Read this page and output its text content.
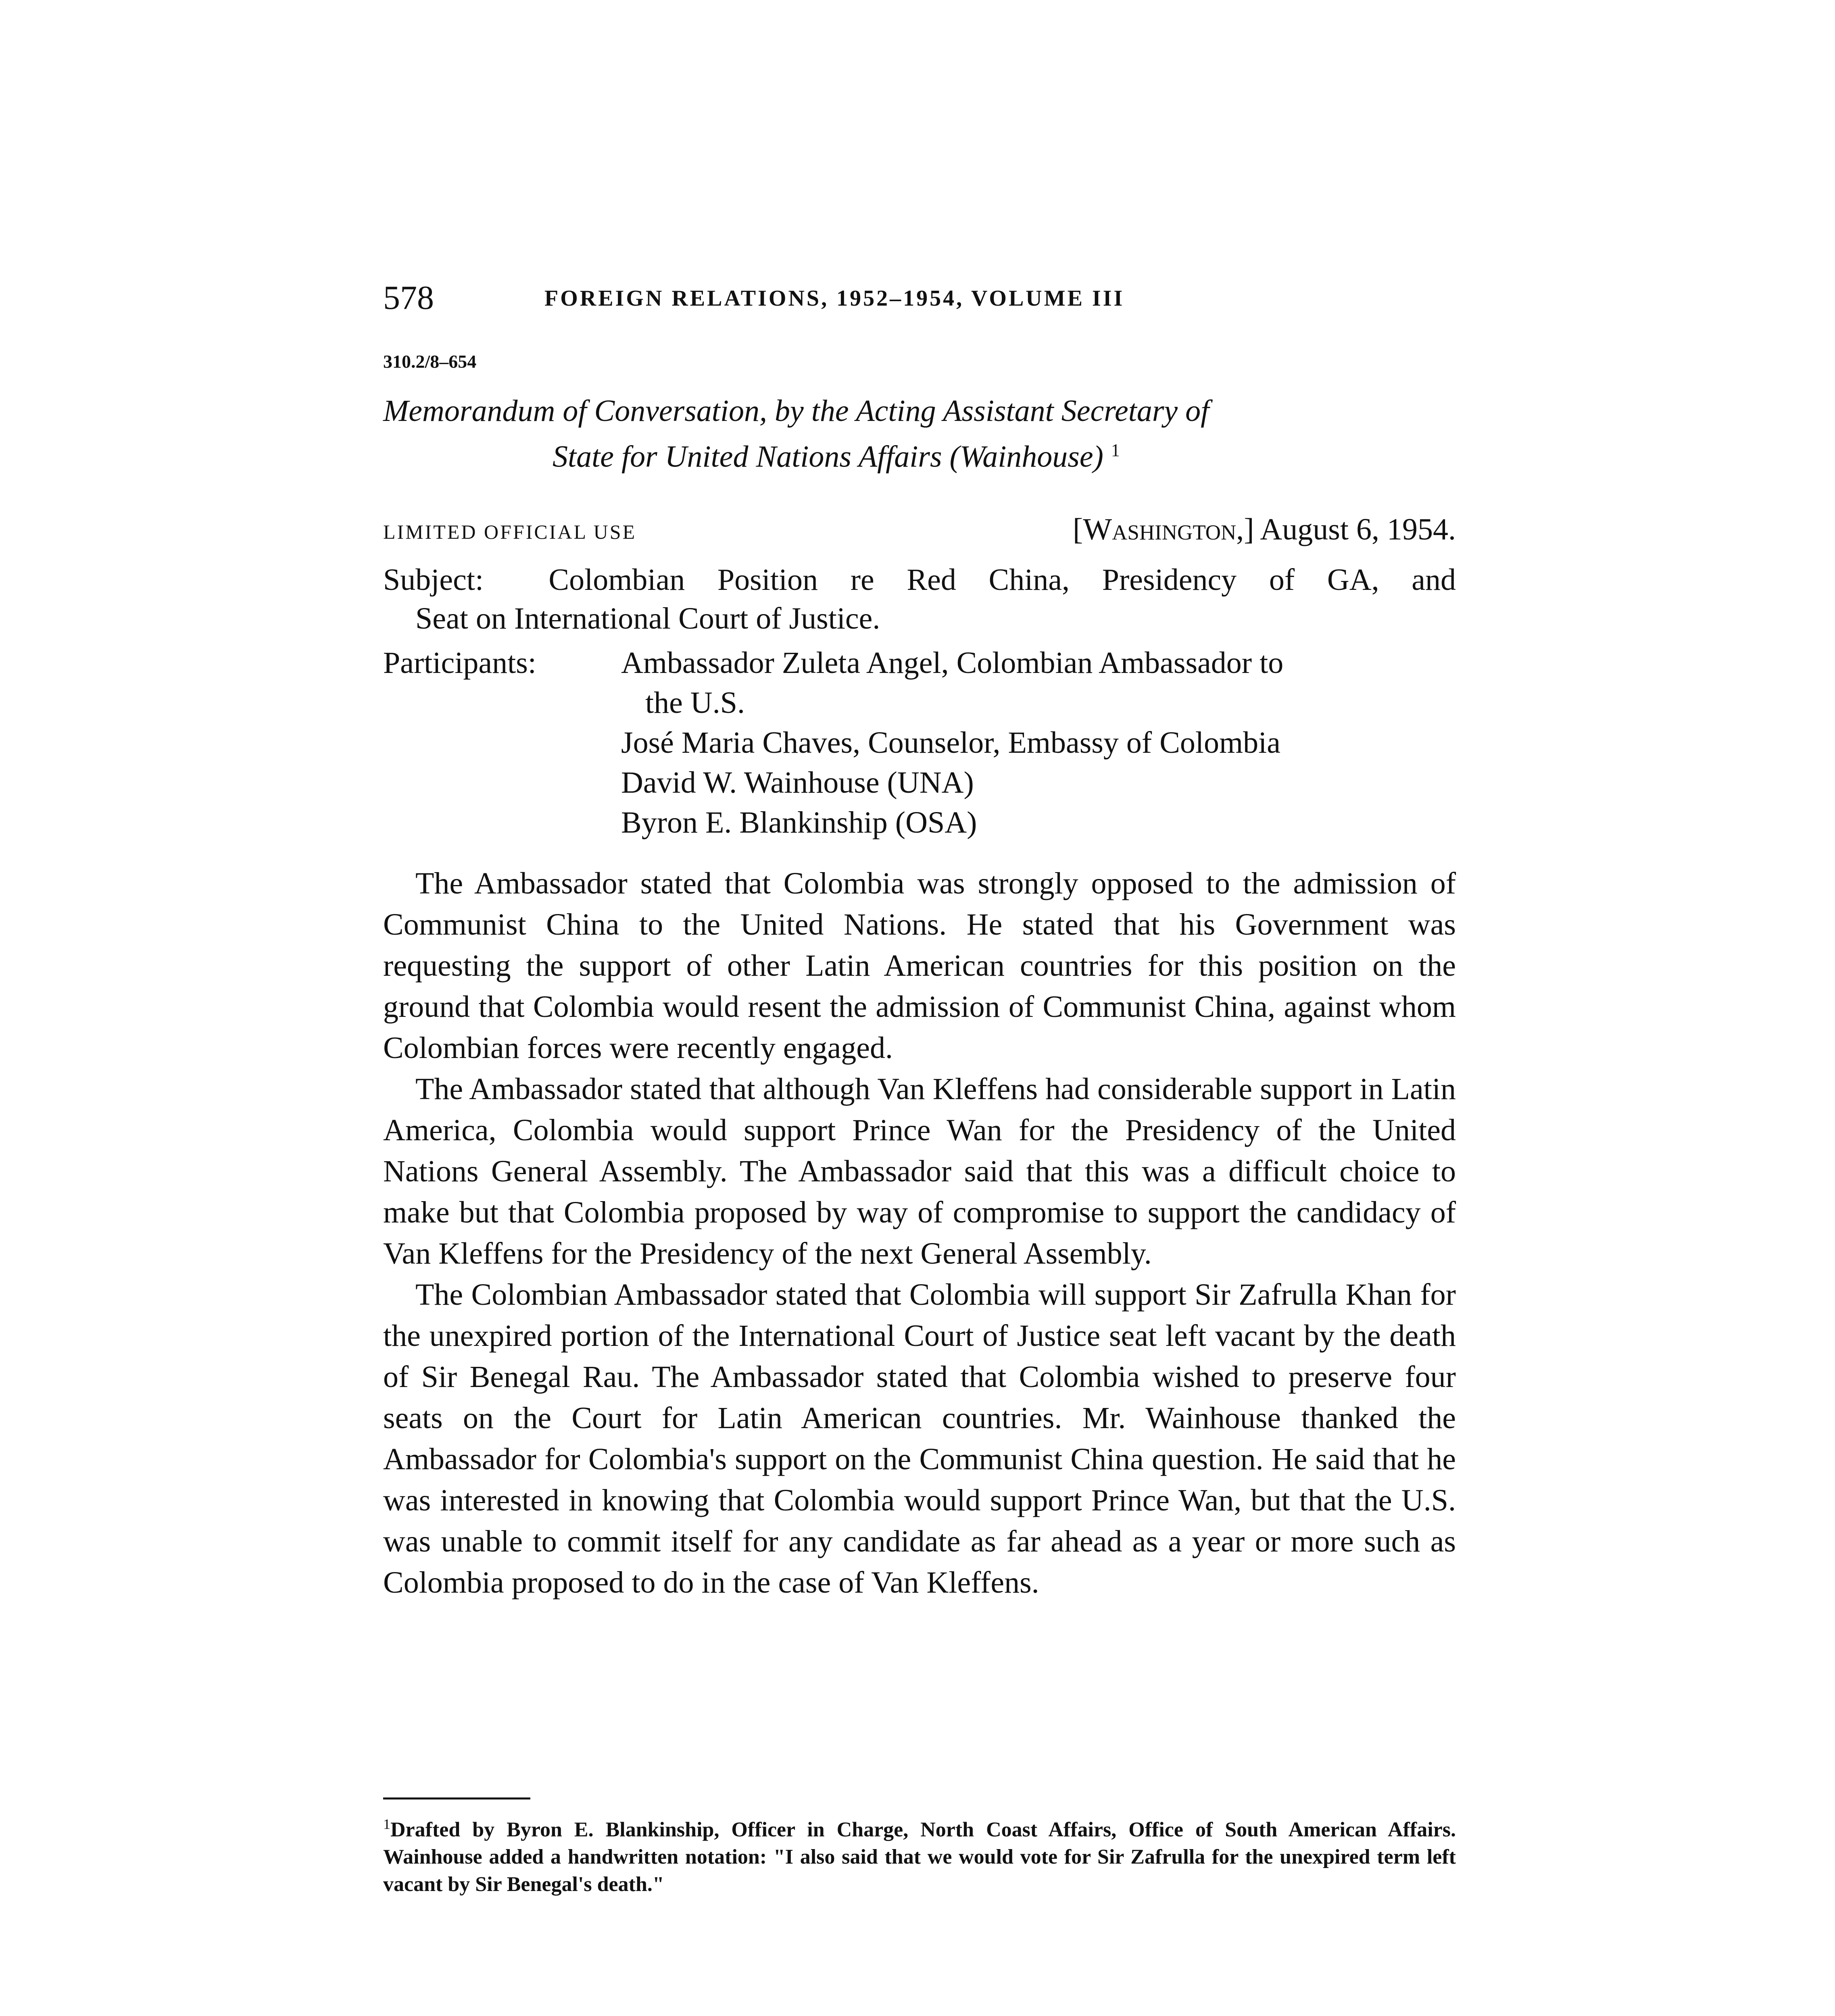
578	FOREIGN RELATIONS, 1952–1954, VOLUME III
310.2/8–654
Memorandum of Conversation, by the Acting Assistant Secretary of
State for United Nations Affairs (Wainhouse) $^1$
LIMITED OFFICIAL USE	[Washington,] August 6, 1954.
Subject: Colombian Position re Red China, Presidency of GA, and
Seat on International Court of Justice.
Participants:	Ambassador Zuleta Angel, Colombian Ambassador to
the U.S.
José Maria Chaves, Counselor, Embassy of Colombia
David W. Wainhouse (UNA)
Byron E. Blankinship (OSA)

The Ambassador stated that Colombia was strongly opposed to the admission of Communist China to the United Nations. He stated that his Government was requesting the support of other Latin American countries for this position on the ground that Colombia would resent the admission of Communist China, against whom Colombian forces were recently engaged.

The Ambassador stated that although Van Kleffens had considerable support in Latin America, Colombia would support Prince Wan for the Presidency of the United Nations General Assembly. The Ambassador said that this was a difficult choice to make but that Colombia proposed by way of compromise to support the candidacy of Van Kleffens for the Presidency of the next General Assembly.

The Colombian Ambassador stated that Colombia will support Sir Zafrulla Khan for the unexpired portion of the International Court of Justice seat left vacant by the death of Sir Benegal Rau. The Ambassador stated that Colombia wished to preserve four seats on the Court for Latin American countries. Mr. Wainhouse thanked the Ambassador for Colombia's support on the Communist China question. He said that he was interested in knowing that Colombia would support Prince Wan, but that the U.S. was unable to commit itself for any candidate as far ahead as a year or more such as Colombia proposed to do in the case of Van Kleffens.

$^1$Drafted by Byron E. Blankinship, Officer in Charge, North Coast Affairs, Office of South American Affairs. Wainhouse added a handwritten notation: "I also said that we would vote for Sir Zafrulla for the unexpired term left vacant by Sir Benegal's death."
